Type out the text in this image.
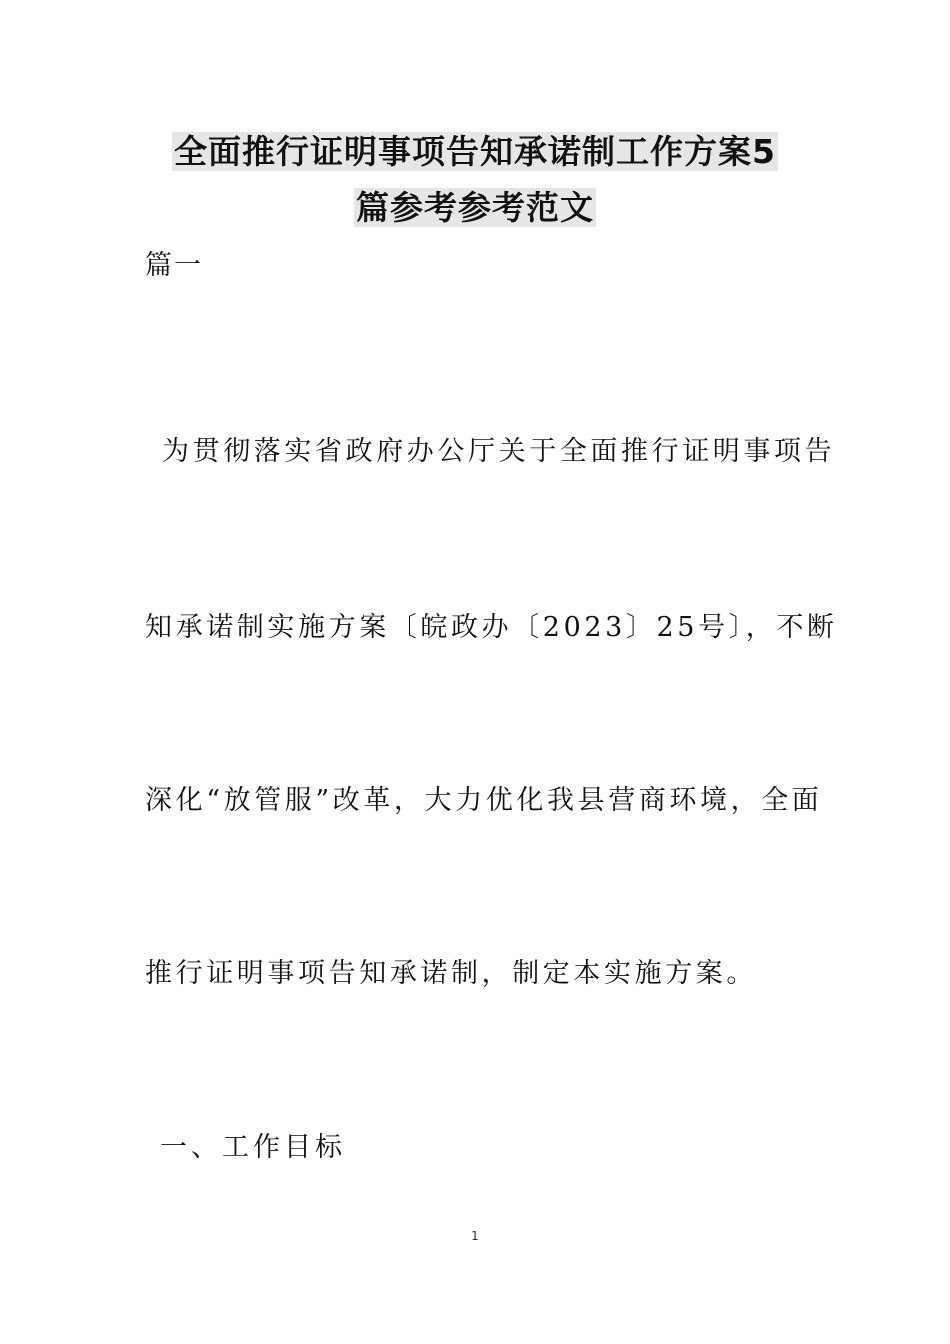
全面推行证明事项告知承诺制工作方案5
篇参考参考范文
篇一
为贯彻落实省政府办公厅关于全面推行证明事项告
知承诺制实施方案〔皖政办〔2023〕25号〕，不断
深化“放管服”改革，大力优化我县营商环境，全面
推行证明事项告知承诺制，制定本实施方案。
一、工作目标
1
